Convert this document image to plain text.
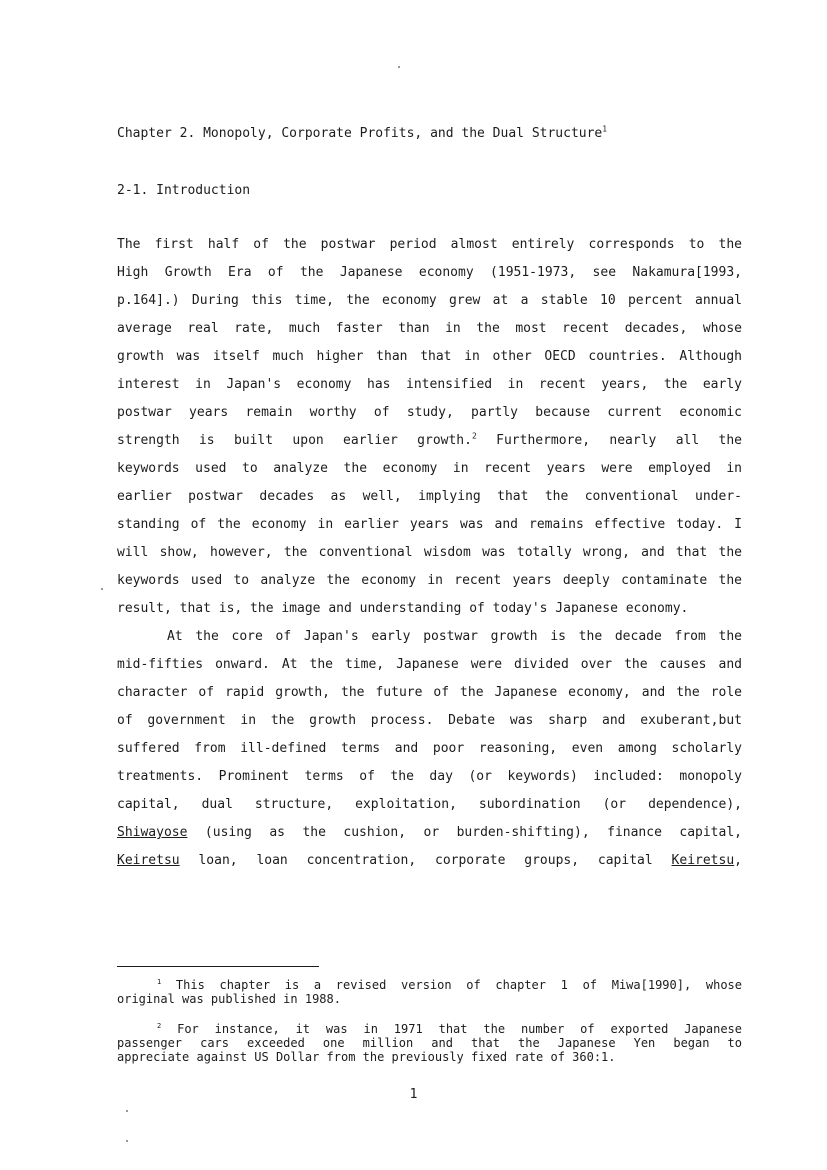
Chapter 2. Monopoly, Corporate Profits, and the Dual Structure$^1$
2-1. Introduction
The first half of the postwar period almost entirely corresponds to the
High Growth Era of the Japanese economy (1951-1973, see Nakamura[1993,
p.164].) During this time, the economy grew at a stable 10 percent annual
average real rate, much faster than in the most recent decades, whose
growth was itself much higher than that in other OECD countries. Although
interest in Japan's economy has intensified in recent years, the early
postwar years remain worthy of study, partly because current economic
strength is built upon earlier growth.$^2$ Furthermore, nearly all the
keywords used to analyze the economy in recent years were employed in
earlier postwar decades as well, implying that the conventional under-
standing of the economy in earlier years was and remains effective today. I
will show, however, the conventional wisdom was totally wrong, and that the
keywords used to analyze the economy in recent years deeply contaminate the
result, that is, the image and understanding of today's Japanese economy.
At the core of Japan's early postwar growth is the decade from the
mid-fifties onward. At the time, Japanese were divided over the causes and
character of rapid growth, the future of the Japanese economy, and the role
of government in the growth process. Debate was sharp and exuberant,but
suffered from ill-defined terms and poor reasoning, even among scholarly
treatments. Prominent terms of the day (or keywords) included: monopoly
capital, dual structure, exploitation, subordination (or dependence),
Shiwayose (using as the cushion, or burden-shifting), finance capital,
Keiretsu loan, loan concentration, corporate groups, capital Keiretsu,
$^1$ This chapter is a revised version of chapter 1 of Miwa[1990], whose
original was published in 1988.
$^2$ For instance, it was in 1971 that the number of exported Japanese
passenger cars exceeded one million and that the Japanese Yen began to
appreciate against US Dollar from the previously fixed rate of 360:1.
1
